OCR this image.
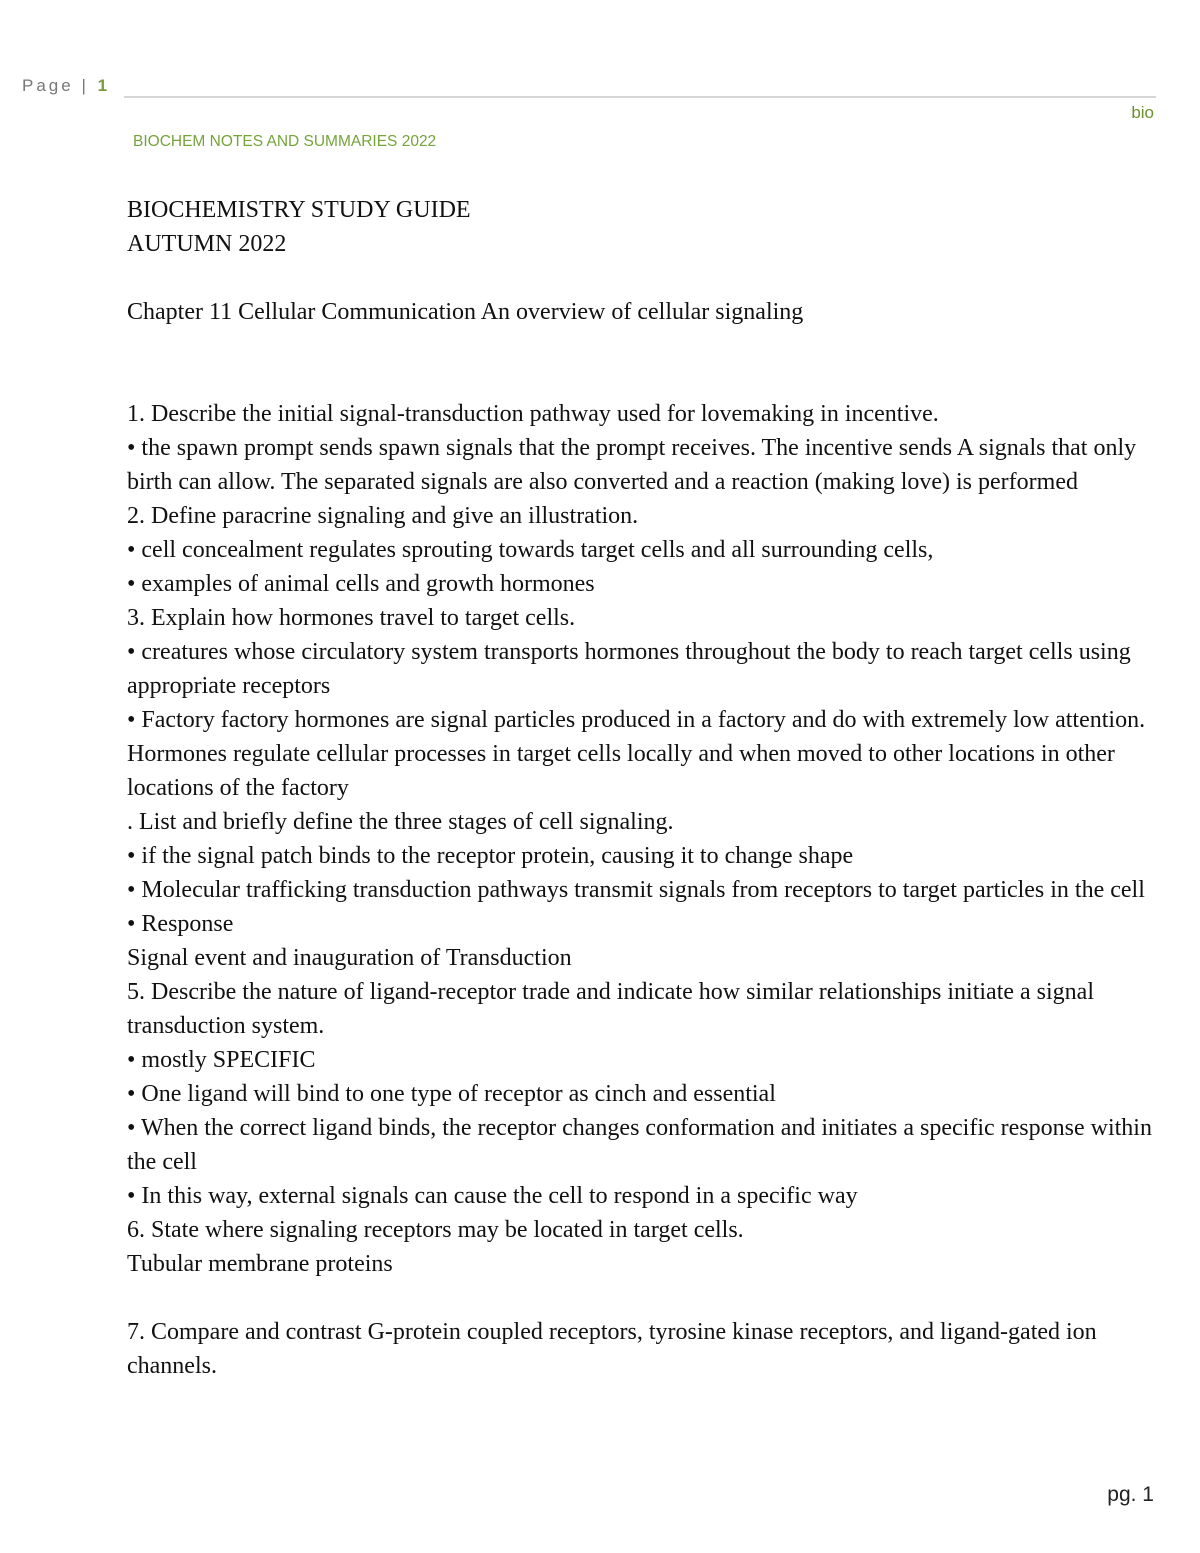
Page | 1
bio
BIOCHEM NOTES AND SUMMARIES 2022

BIOCHEMISTRY STUDY GUIDE

AUTUMN 2022

Chapter 11 Cellular Communication An overview of cellular signaling

1. Describe the initial signal-transduction pathway used for lovemaking in incentive.

• the spawn prompt sends spawn signals that the prompt receives. The incentive sends A signals that only birth can allow. The separated signals are also converted and a reaction (making love) is performed

2. Define paracrine signaling and give an illustration.

• cell concealment regulates sprouting towards target cells and all surrounding cells,

• examples of animal cells and growth hormones

3. Explain how hormones travel to target cells.

• creatures whose circulatory system transports hormones throughout the body to reach target cells using appropriate receptors

• Factory factory hormones are signal particles produced in a factory and do with extremely low attention. Hormones regulate cellular processes in target cells locally and when moved to other locations in other locations of the factory

. List and briefly define the three stages of cell signaling.

• if the signal patch binds to the receptor protein, causing it to change shape

• Molecular trafficking transduction pathways transmit signals from receptors to target particles in the cell

• Response

Signal event and inauguration of Transduction

5. Describe the nature of ligand-receptor trade and indicate how similar relationships initiate a signal transduction system.

• mostly SPECIFIC

• One ligand will bind to one type of receptor as cinch and essential

• When the correct ligand binds, the receptor changes conformation and initiates a specific response within the cell

• In this way, external signals can cause the cell to respond in a specific way

6. State where signaling receptors may be located in target cells.

Tubular membrane proteins

7. Compare and contrast G-protein coupled receptors, tyrosine kinase receptors, and ligand-gated ion channels.

pg. 1
